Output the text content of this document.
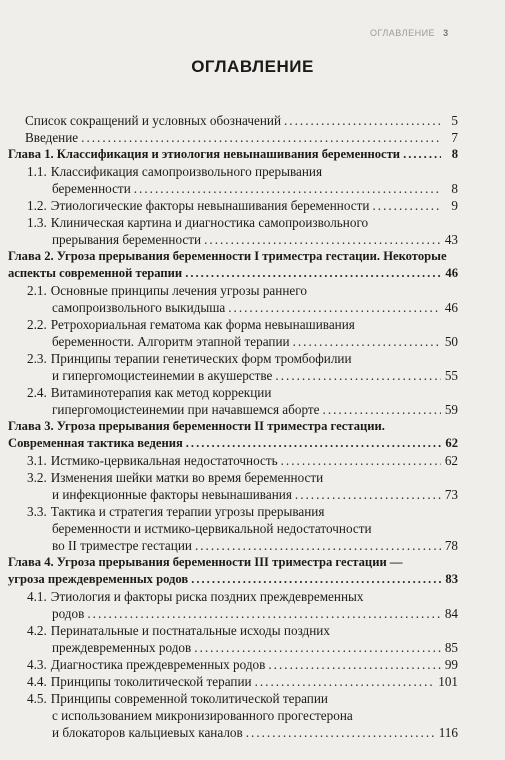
ОГЛАВЛЕНИЕ 3
ОГЛАВЛЕНИЕ
Список сокращений и условных обозначений .....	5
Введение .....	7
Глава 1. Классификация и этиология невынашивания беременности .....	8
1.1. Классификация самопроизвольного прерывания
беременности .....	8
1.2. Этиологические факторы невынашивания беременности .....	9
1.3. Клиническая картина и диагностика самопроизвольного
прерывания беременности .....	43
Глава 2. Угроза прерывания беременности I триместра гестации. Некоторые
аспекты современной терапии .....	46
2.1. Основные принципы лечения угрозы раннего
самопроизвольного выкидыша .....	46
2.2. Ретрохориальная гематома как форма невынашивания
беременности. Алгоритм этапной терапии .....	50
2.3. Принципы терапии генетических форм тромбофилии
и гипергомоцистеинемии в акушерстве .....	55
2.4. Витаминотерапия как метод коррекции
гипергомоцистеинемии при начавшемся аборте .....	59
Глава 3. Угроза прерывания беременности II триместра гестации.
Современная тактика ведения .....	62
3.1. Истмико-цервикальная недостаточность .....	62
3.2. Изменения шейки матки во время беременности
и инфекционные факторы невынашивания .....	73
3.3. Тактика и стратегия терапии угрозы прерывания
беременности и истмико-цервикальной недостаточности
во II триместре гестации .....	78
Глава 4. Угроза прерывания беременности III триместра гестации —
угроза преждевременных родов .....	83
4.1. Этиология и факторы риска поздних преждевременных
родов .....	84
4.2. Перинатальные и постнатальные исходы поздних
преждевременных родов .....	85
4.3. Диагностика преждевременных родов .....	99
4.4. Принципы токолитической терапии .....	101
4.5. Принципы современной токолитической терапии
с использованием микронизированного прогестерона
и блокаторов кальциевых каналов .....	116
